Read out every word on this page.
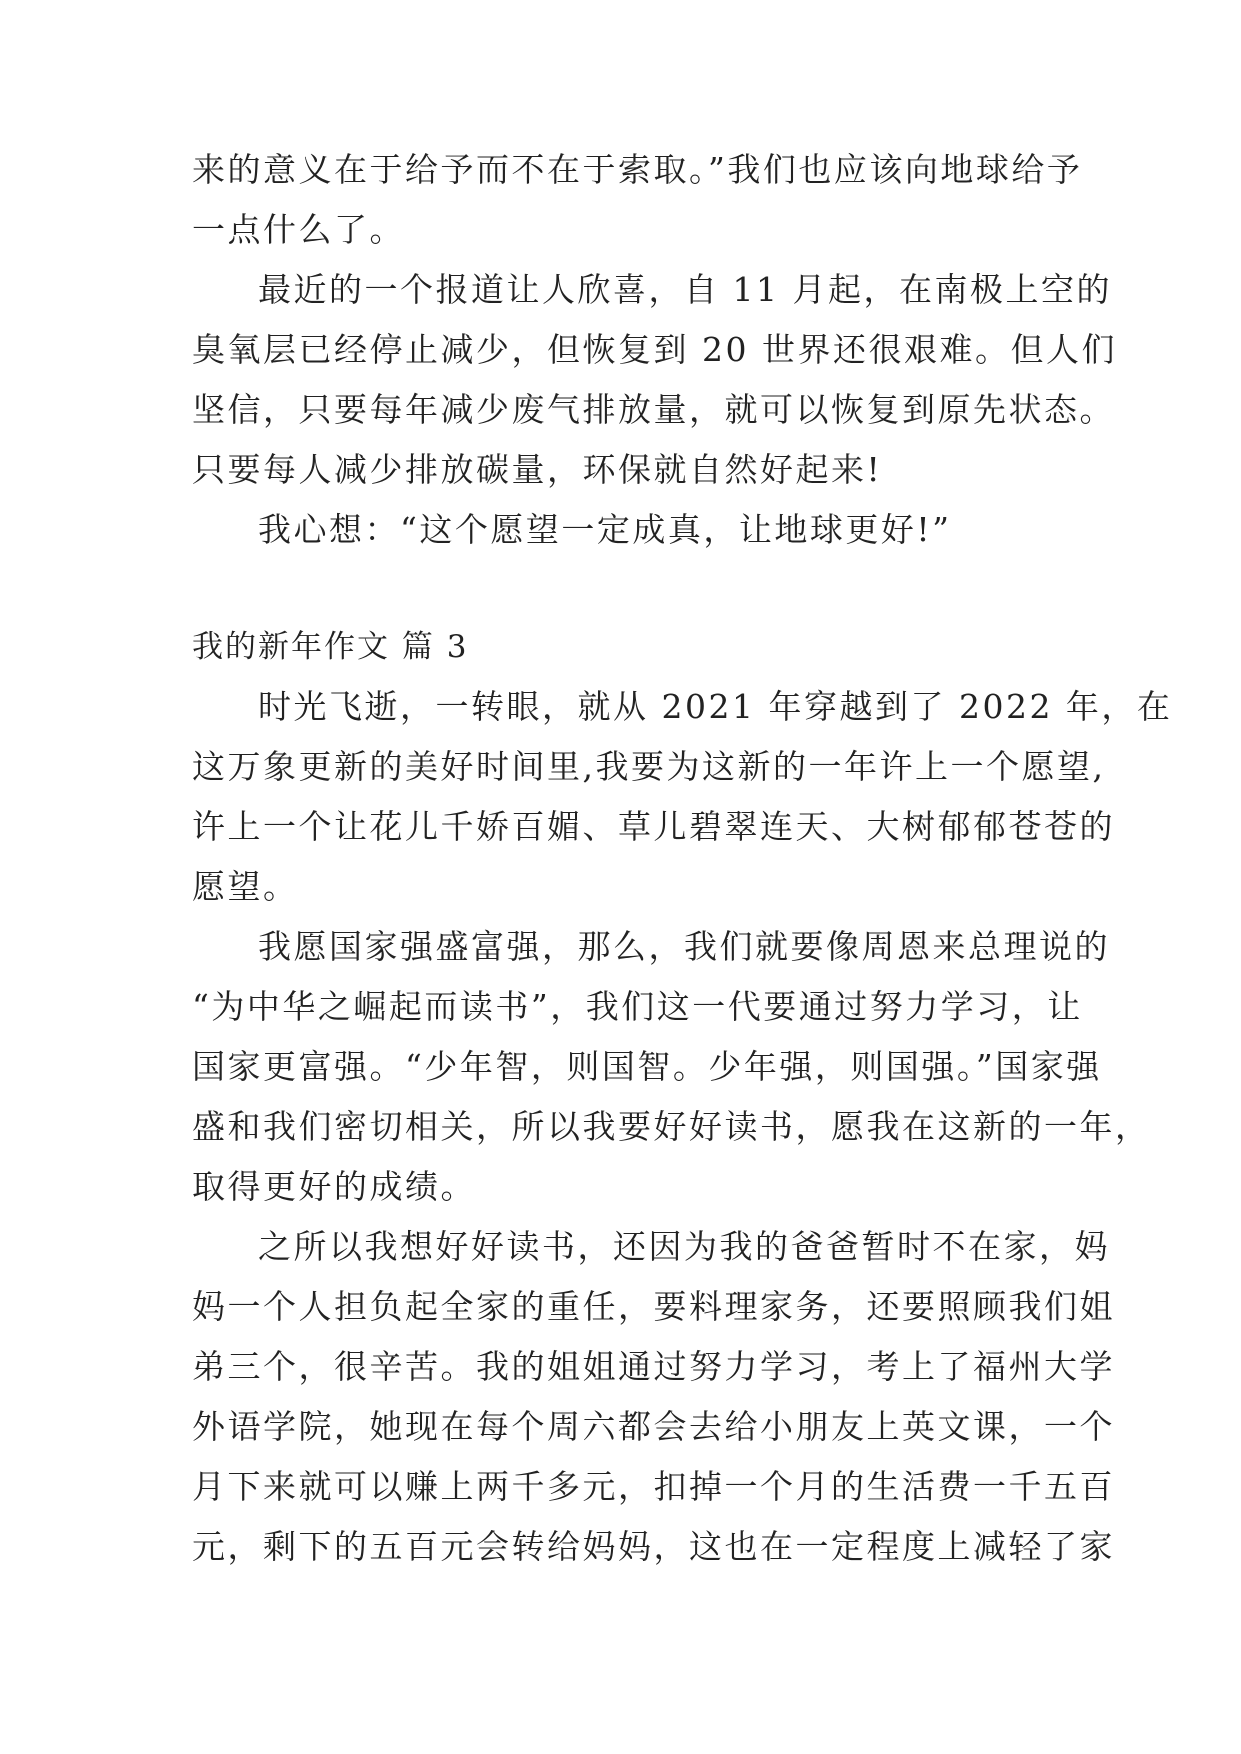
来的意义在于给予而不在于索取。”我们也应该向地球给予
一点什么了。
最近的一个报道让人欣喜，自 11 月起，在南极上空的
臭氧层已经停止减少，但恢复到 20 世界还很艰难。但人们
坚信，只要每年减少废气排放量，就可以恢复到原先状态。
只要每人减少排放碳量，环保就自然好起来!
我心想：“这个愿望一定成真，让地球更好!”
我的新年作文 篇 3
时光飞逝，一转眼，就从 2021 年穿越到了 2022 年，在
这万象更新的美好时间里,我要为这新的一年许上一个愿望,
许上一个让花儿千娇百媚、草儿碧翠连天、大树郁郁苍苍的
愿望。
我愿国家强盛富强，那么，我们就要像周恩来总理说的
“为中华之崛起而读书”，我们这一代要通过努力学习，让
国家更富强。“少年智，则国智。少年强，则国强。”国家强
盛和我们密切相关，所以我要好好读书，愿我在这新的一年，
取得更好的成绩。
之所以我想好好读书，还因为我的爸爸暂时不在家，妈
妈一个人担负起全家的重任，要料理家务，还要照顾我们姐
弟三个，很辛苦。我的姐姐通过努力学习，考上了福州大学
外语学院，她现在每个周六都会去给小朋友上英文课，一个
月下来就可以赚上两千多元，扣掉一个月的生活费一千五百
元，剩下的五百元会转给妈妈，这也在一定程度上减轻了家
